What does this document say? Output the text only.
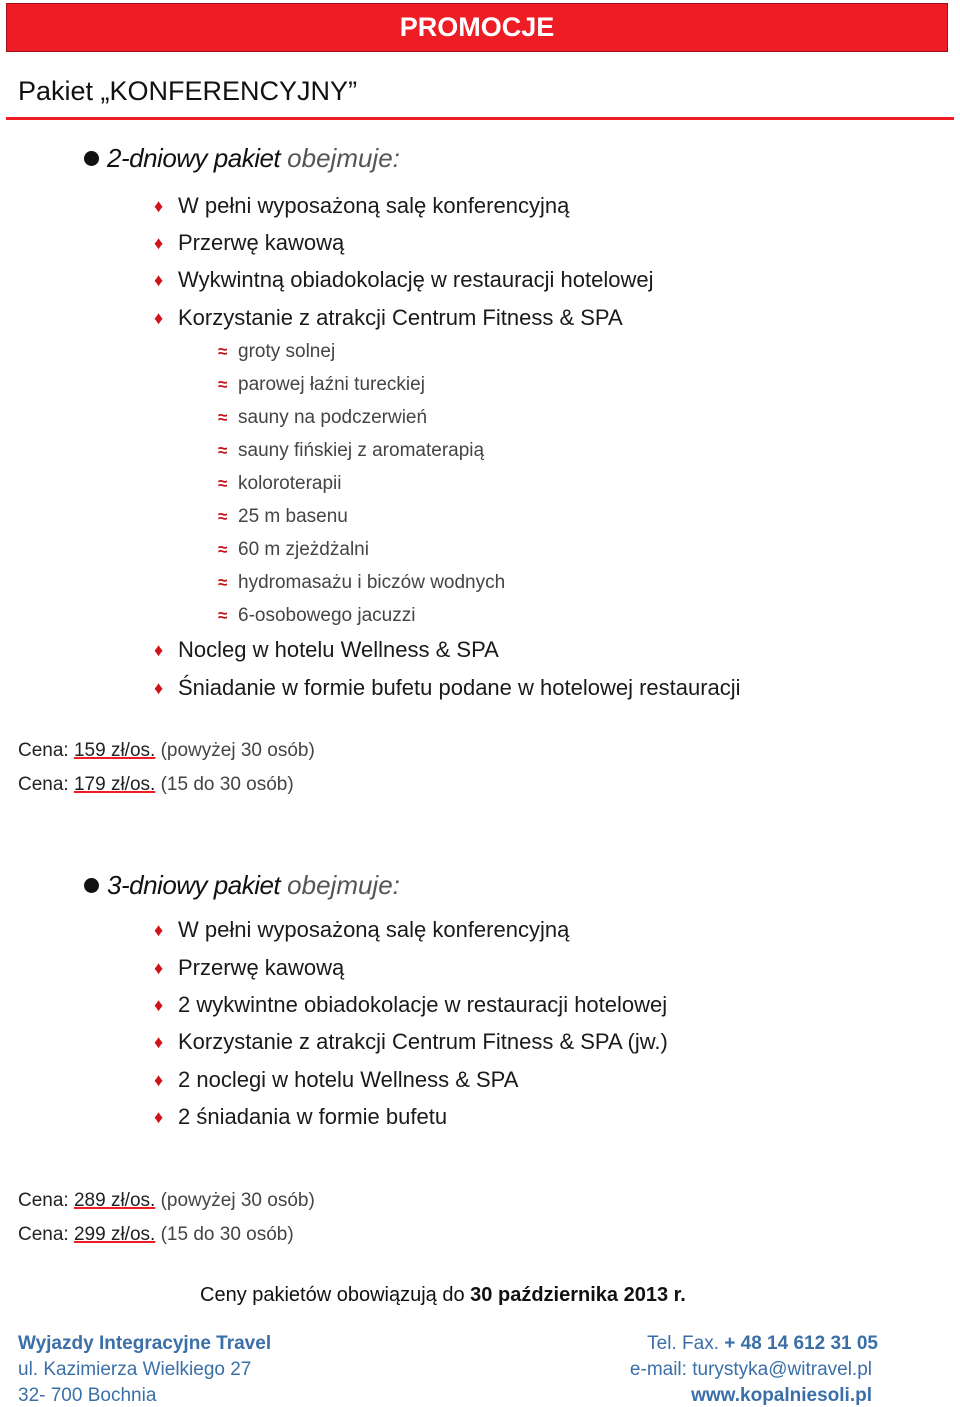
PROMOCJE
Pakiet „KONFERENCYJNY”
2-dniowy pakiet obejmuje:
♦ W pełni wyposażoną salę konferencyjną
♦ Przerwę kawową
♦ Wykwintną obiadokolację w restauracji hotelowej
♦ Korzystanie z atrakcji Centrum Fitness & SPA
≈ groty solnej
≈ parowej łaźni tureckiej
≈ sauny na podczerwień
≈ sauny fińskiej z aromaterapią
≈ koloroterapii
≈ 25 m basenu
≈ 60 m zjeżdżalni
≈ hydromasażu i biczów wodnych
≈ 6-osobowego jacuzzi
♦ Nocleg w hotelu Wellness & SPA
♦ Śniadanie w formie bufetu podane w hotelowej restauracji
Cena: 159 zł/os. (powyżej 30 osób)
Cena: 179 zł/os. (15 do 30 osób)
3-dniowy pakiet obejmuje:
♦ W pełni wyposażoną salę konferencyjną
♦ Przerwę kawową
♦ 2 wykwintne obiadokolacje w restauracji hotelowej
♦ Korzystanie z atrakcji Centrum Fitness & SPA (jw.)
♦ 2 noclegi w hotelu Wellness & SPA
♦ 2 śniadania w formie bufetu
Cena: 289 zł/os. (powyżej 30 osób)
Cena: 299 zł/os. (15 do 30 osób)
Ceny pakietów obowiązują do 30 października 2013 r.
Wyjazdy Integracyjne Travel
ul. Kazimierza Wielkiego 27
32- 700 Bochnia
Tel. Fax. + 48 14 612 31 05
e-mail: turystyka@witravel.pl
www.kopalniesoli.pl
